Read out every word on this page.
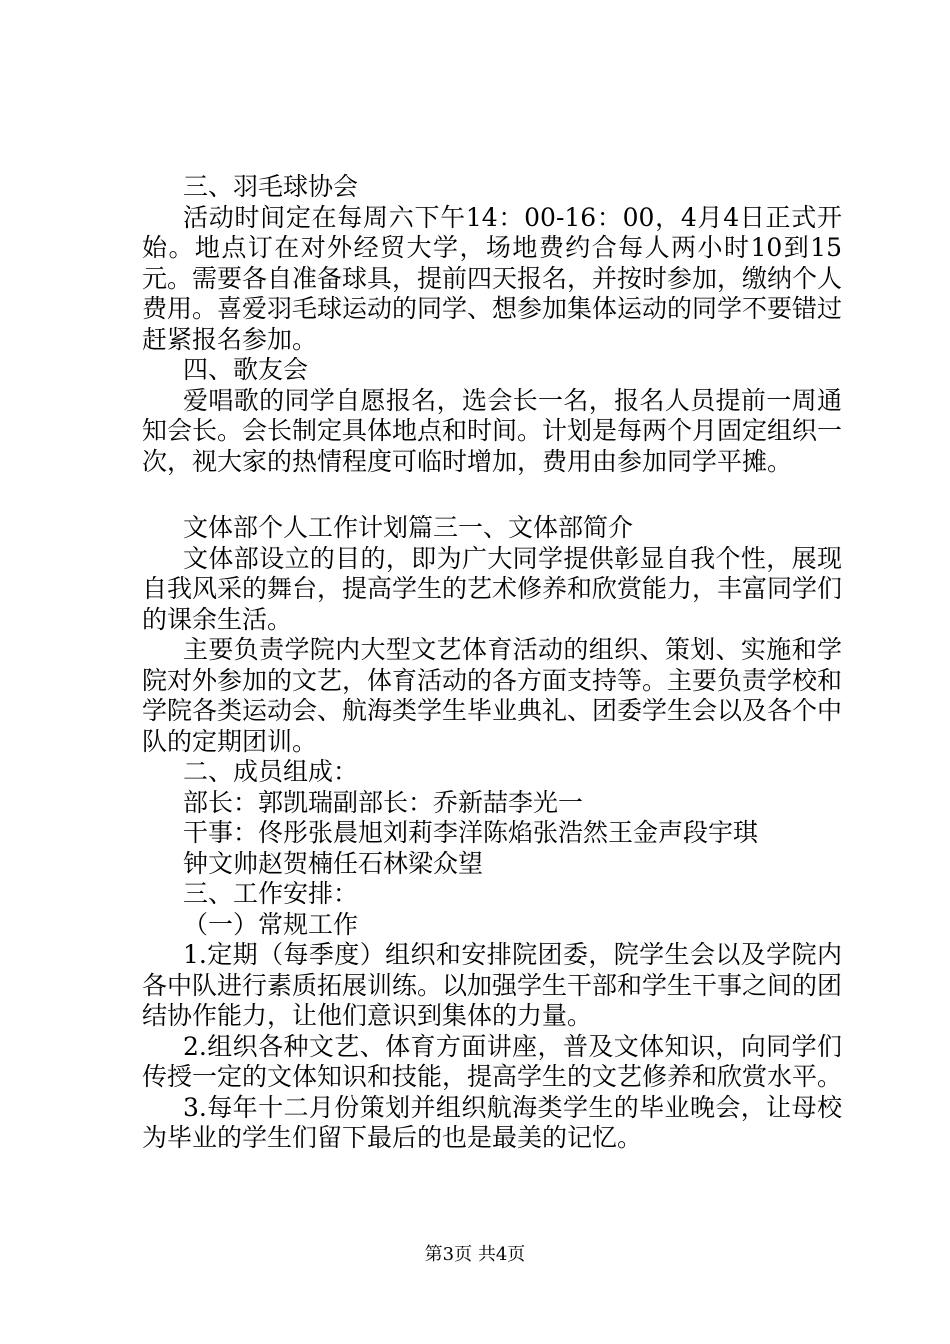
三、羽毛球协会

活动时间定在每周六下午14：00-16：00，4月4日正式开始。地点订在对外经贸大学，场地费约合每人两小时10到15元。需要各自准备球具，提前四天报名，并按时参加，缴纳个人费用。喜爱羽毛球运动的同学、想参加集体运动的同学不要错过赶紧报名参加。

四、歌友会

爱唱歌的同学自愿报名，选会长一名，报名人员提前一周通知会长。会长制定具体地点和时间。计划是每两个月固定组织一次，视大家的热情程度可临时增加，费用由参加同学平摊。

文体部个人工作计划篇三一、文体部简介

文体部设立的目的，即为广大同学提供彰显自我个性，展现自我风采的舞台，提高学生的艺术修养和欣赏能力，丰富同学们的课余生活。

主要负责学院内大型文艺体育活动的组织、策划、实施和学院对外参加的文艺，体育活动的各方面支持等。主要负责学校和学院各类运动会、航海类学生毕业典礼、团委学生会以及各个中队的定期团训。

二、成员组成：

部长：郭凯瑞副部长：乔新喆李光一

干事：佟彤张晨旭刘莉李洋陈焰张浩然王金声段宇琪

钟文帅赵贺楠任石林梁众望

三、工作安排：

（一）常规工作

1.定期（每季度）组织和安排院团委，院学生会以及学院内各中队进行素质拓展训练。以加强学生干部和学生干事之间的团结协作能力，让他们意识到集体的力量。

2.组织各种文艺、体育方面讲座，普及文体知识，向同学们传授一定的文体知识和技能，提高学生的文艺修养和欣赏水平。

3.每年十二月份策划并组织航海类学生的毕业晚会，让母校为毕业的学生们留下最后的也是最美的记忆。

第3页 共4页
